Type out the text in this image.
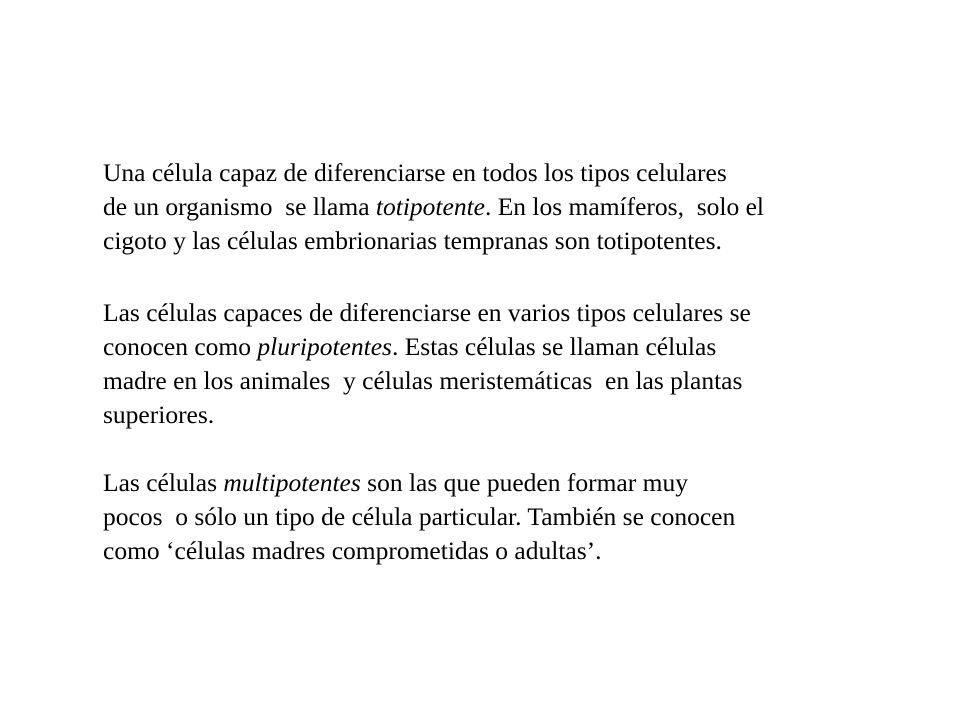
Una célula capaz de diferenciarse en todos los tipos celulares
de un organismo  se llama totipotente. En los mamíferos,  solo el
cigoto y las células embrionarias tempranas son totipotentes.

Las células capaces de diferenciarse en varios tipos celulares se
conocen como pluripotentes. Estas células se llaman células
madre en los animales  y células meristemáticas  en las plantas
superiores.

Las células multipotentes son las que pueden formar muy
pocos  o sólo un tipo de célula particular. También se conocen
como ‘células madres comprometidas o adultas’.
